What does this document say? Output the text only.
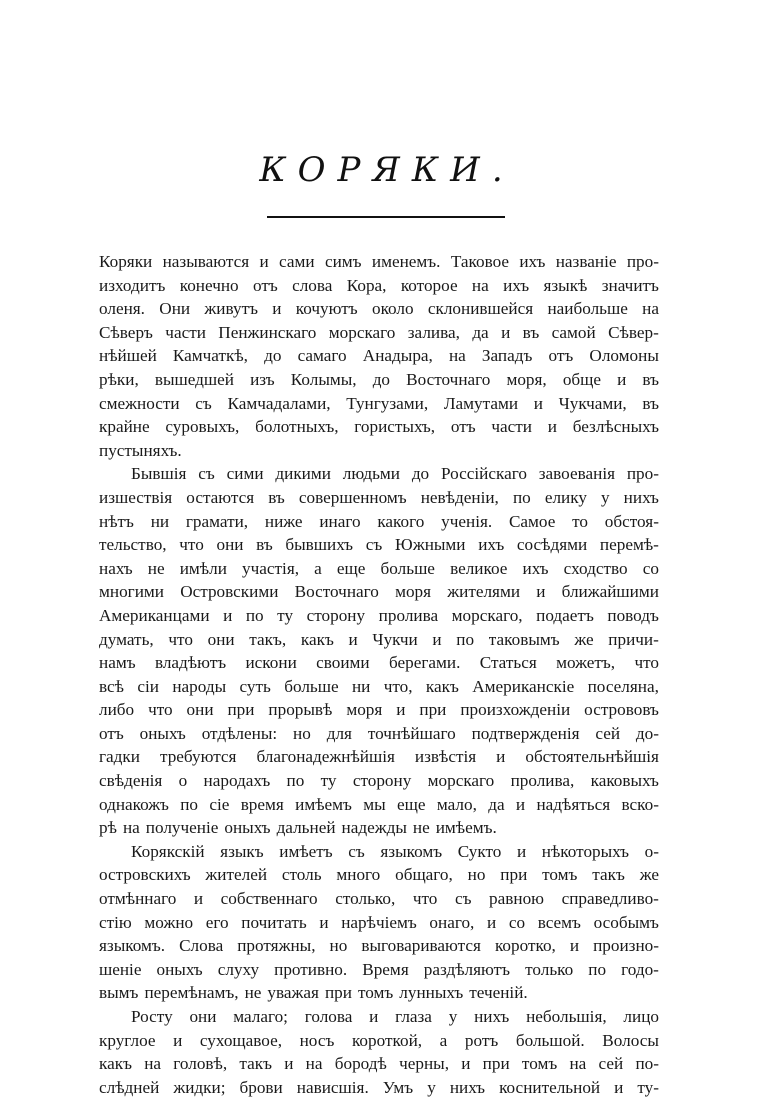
КОРЯКИ.
Коряки называются и сами симъ именемъ. Таковое ихъ названіе про-
изходитъ конечно отъ слова Кора, которое на ихъ языкѣ значитъ
оленя. Они живутъ и кочуютъ около склонившейся наибольше на
Сѣверъ части Пенжинскаго морскаго залива, да и въ самой Сѣвер-
нѣйшей Камчаткѣ, до самаго Анадыра, на Западъ отъ Оломоны
рѣки, вышедшей изъ Колымы, до Восточнаго моря, обще и въ
смежности съ Камчадалами, Тунгузами, Ламутами и Чукчами, въ
крайне суровыхъ, болотныхъ, гористыхъ, отъ части и безлѣсныхъ
пустыняхъ.
Бывшія съ сими дикими людьми до Россійскаго завоеванія про-
изшествія остаются въ совершенномъ невѣденіи, по елику у нихъ
нѣтъ ни грамати, ниже инаго какого ученія. Самое то обстоя-
тельство, что они въ бывшихъ съ Южными ихъ сосѣдями перемѣ-
нахъ не имѣли участія, а еще больше великое ихъ сходство со
многими Островскими Восточнаго моря жителями и ближайшими
Американцами и по ту сторону пролива морскаго, подаетъ поводъ
думать, что они такъ, какъ и Чукчи и по таковымъ же причи-
намъ владѣютъ искони своими берегами. Статься можетъ, что
всѣ сіи народы суть больше ни что, какъ Американскіе поселяна,
либо что они при прорывѣ моря и при произхожденіи острововъ
отъ оныхъ отдѣлены: но для точнѣйшаго подтвержденія сей до-
гадки требуются благонадежнѣйшія извѣстія и обстоятельнѣйшія
свѣденія о народахъ по ту сторону морскаго пролива, каковыхъ
однакожъ по сіе время имѣемъ мы еще мало, да и надѣяться вско-
рѣ на полученіе оныхъ дальней надежды не имѣемъ.
Корякскій языкъ имѣетъ съ языкомъ Сукто и нѣкоторыхъ о-
островскихъ жителей столь много общаго, но при томъ такъ же
отмѣннаго и собственнаго столько, что съ равною справедливо-
стію можно его почитать и нарѣчіемъ онаго, и со всемъ особымъ
языкомъ. Слова протяжны, но выговариваются коротко, и произно-
шеніе оныхъ слуху противно. Время раздѣляютъ только по годо-
вымъ перемѣнамъ, не уважая при томъ лунныхъ теченій.
Росту они малаго; голова и глаза у нихъ небольшія, лицо
круглое и сухощавое, носъ короткой, а ротъ большой. Волосы
какъ на головѣ, такъ и на бородѣ черны, и при томъ на сей по-
слѣдней жидки; брови нависшія. Умъ у нихъ коснительной и ту-
